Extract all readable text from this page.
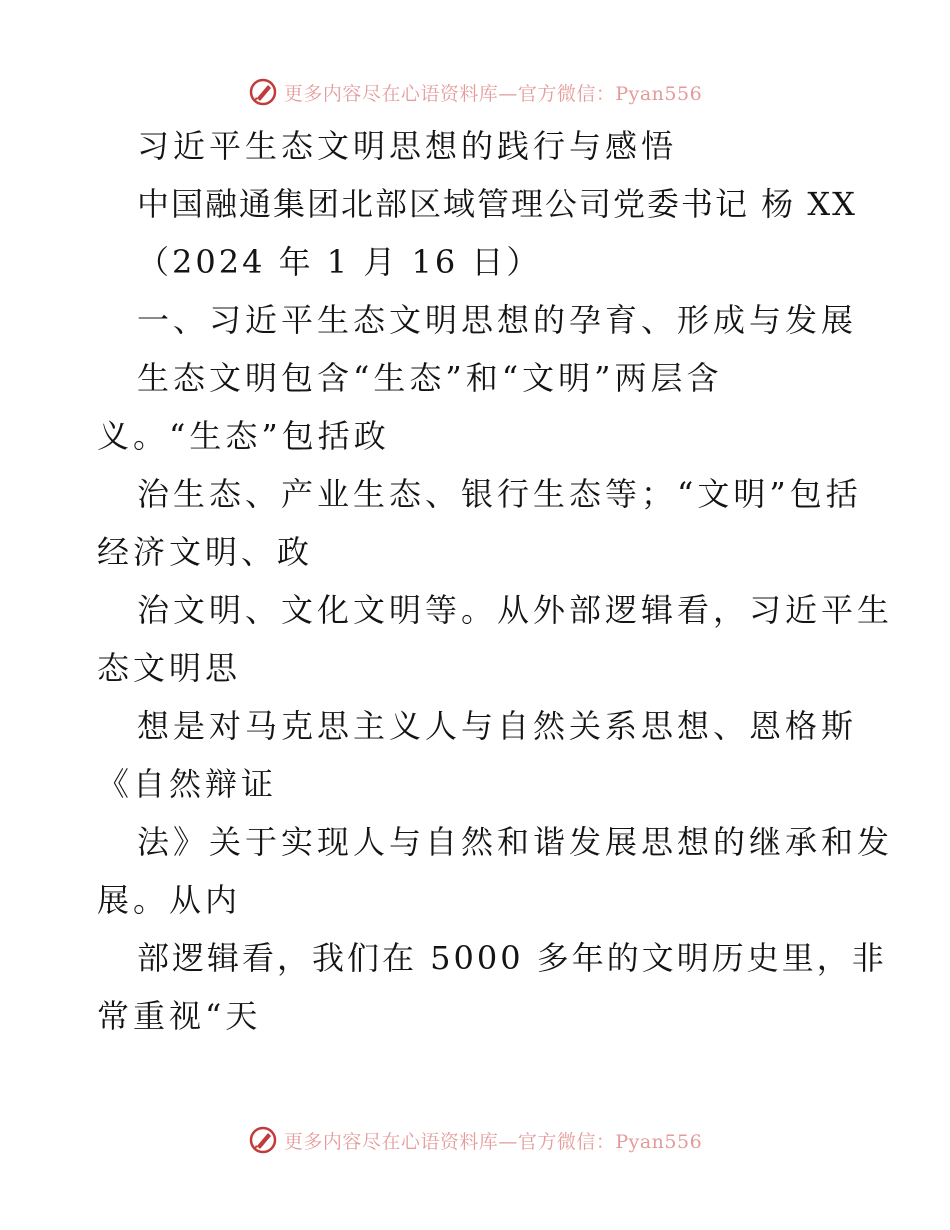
更多内容尽在心语资料库—官方微信：Pyan556
习近平生态文明思想的践行与感悟
中国融通集团北部区域管理公司党委书记 杨 XX
（2024 年 1 月 16 日）
一、习近平生态文明思想的孕育、形成与发展
生态文明包含“生态”和“文明”两层含
义。“生态”包括政
治生态、产业生态、银行生态等；“文明”包括
经济文明、政
治文明、文化文明等。从外部逻辑看，习近平生
态文明思
想是对马克思主义人与自然关系思想、恩格斯
《自然辩证
法》关于实现人与自然和谐发展思想的继承和发
展。从内
部逻辑看，我们在 5000 多年的文明历史里，非
常重视“天
更多内容尽在心语资料库—官方微信：Pyan556
